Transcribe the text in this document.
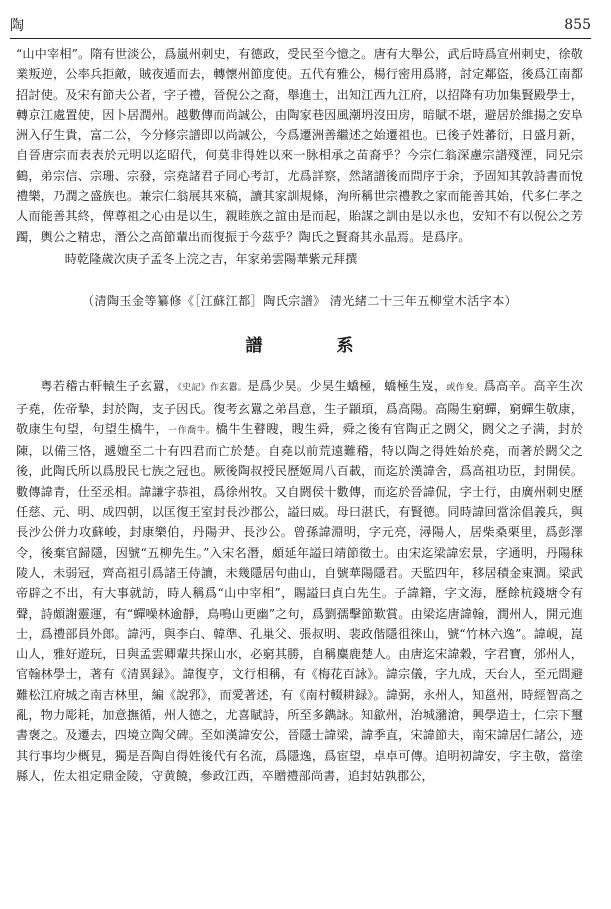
陶	855

“山中宰相”。隋有世淡公，爲嵐州刺史，有德政，受民至今憶之。唐有大舉公，武后時爲宣州刺史，徐敬業叛逆，公率兵拒敵，賊夜遁而去，轉懷州節度使。五代有雅公，楊行密用爲將，討定鄰盜，後爲江南都招討使。及宋有節夫公者，字子禮，晉倪公之裔，舉進士，出知江西九江府，以招降有功加集賢殿學士，轉京江處置使，因卜居潤州。越數傳而尚誠公，由陶家巷因風潮坍沒田房，暗賦不堪，避居於維揚之安阜洲入仔生貴，富二公，今分修宗譜即以尚誠公，今爲遷洲善繼述之始遷祖也。已後子姓蕃衍，日盛月新，自晉唐宗而表表於元明以迄昭代，何莫非得姓以來一脉相承之苗裔乎？今宗仁翁深慮宗譜殘湮，同兄宗鶴，弟宗信、宗珊、宗發，宗堯諸君子同心考訂，尤爲詳察，然諸譜後而問序于余，予固知其敦詩書而悅禮樂，乃潤之盛族也。兼宗仁翁展其來稿，讀其家訓規條，洵所稱世宗禮教之家而能善其始，代多仁孝之人而能善其終，俾尊祖之心由是以生，親睦族之誼由是而起，貽謀之訓由是以永也，安知不有以倪公之芳躅，輿公之精忠，潛公之高節輩出而復振于今茲乎？陶氏之賢裔其永晶焉。是爲序。

時乾隆歲次庚子孟冬上浣之吉，年家弟雲陽華紫元拜撰

（清陶玉金等纂修《［江蘇江都］陶氏宗譜》 清光緒二十三年五柳堂木活字本）

譜 系

粤若稽古軒轅生子玄囂，《史記》作玄囂。是爲少昊。少昊生蟜極，蟜極生岌，或作夋。爲高辛。高辛生次子堯，佐帝摯，封於陶，支子因氏。復考玄囂之弟昌意，生子顓頊，爲高陽。高陽生窮蟬，窮蟬生敬康，敬康生句望，句望生橋牛，一作喬牛。橋牛生瞽瞍，瞍生舜，舜之後有官陶正之閼父，閼父之子满，封於陳，以備三恪，遞嬗至二十有四君而亡於楚。自堯以前荒遠難稽，特以陶之得姓始於堯，而著於閼父之後，此陶氏所以爲殷民七族之冠也。厥後陶叔授民歷姬周八百載，而迄於漢諱舍，爲高祖功臣，封開侯。數傳諱青，仕至丞相。諱謙字恭祖，爲徐州牧。又自閼侯十數傳，而迄於晉諱侃，字士行，由廣州刺史歷任慈、元、明、成四朝，以匡復王室封長沙郡公，謚曰威。母曰湛氏，有賢德。同時諱回當涂倡義兵，與長沙公併力攻蘇峻，封康樂伯，丹陽尹、長沙公。曾孫諱淵明，字元亮，潯陽人，居柴桑栗里，爲彭澤令，後棄官歸隱，因號“五柳先生。”入宋名潛，頗延年謚曰靖節徵士。由宋迄梁諱宏景，字通明，丹陽秣陵人，未弱冠，齊高祖引爲諸王侍讀，未幾隱居句曲山，自號華陽隱君。天監四年，移居積金東澗。梁武帝辟之不出，有大事就訪，時人稱爲“山中宰相”，賜謚曰貞白先生。子諱籍，字文海，歷餘杭錢塘令有聲，詩頗謝靈運，有“蟬噪林逾靜，鳥鳴山更幽”之句，爲劉孺擊節歎賞。由梁迄唐諱翰，潤州人，開元進士，爲禮部員外郎。諱沔，與李白、韓準、孔巢父、張叔明、裴政偕隱徂徠山，號“竹林六逸”。諱峴，崑山人，雅好遊玩，日與孟雲卿輩共探山水，必窮其勝，自稱麋鹿楚人。由唐迄宋諱穀，字君寶，邠州人，官翰林學士，著有《清異録》。諱復亨，文行相稱，有《梅花百詠》。諱宗儀，字九成，天台人，至元間避難松江府城之南吉林里，編《說郛》，而愛著述，有《南村輟耕録》。諱弼，永州人，知邕州，時經智高之亂，物力彫耗，加意撫循，州人德之，尤喜賦詩，所至多鐫詠。知歙州，治城瀦滄，興學造士，仁宗下璽書褒之。及遷去，四境立陶父碑。至如漢諱安公，晉隱士諱梁，諱季直，宋諱節夫，南宋諱居仁諸公，迹其行事均少概見，獨是吾陶自得姓後代有名流，爲隱逸，爲宦望，卓卓可傳。追明初諱安，字主敬，當塗縣人，佐太祖定鼎金陵，守黄饒，參政江西，卒贈禮部尚書，追封姑孰郡公，
